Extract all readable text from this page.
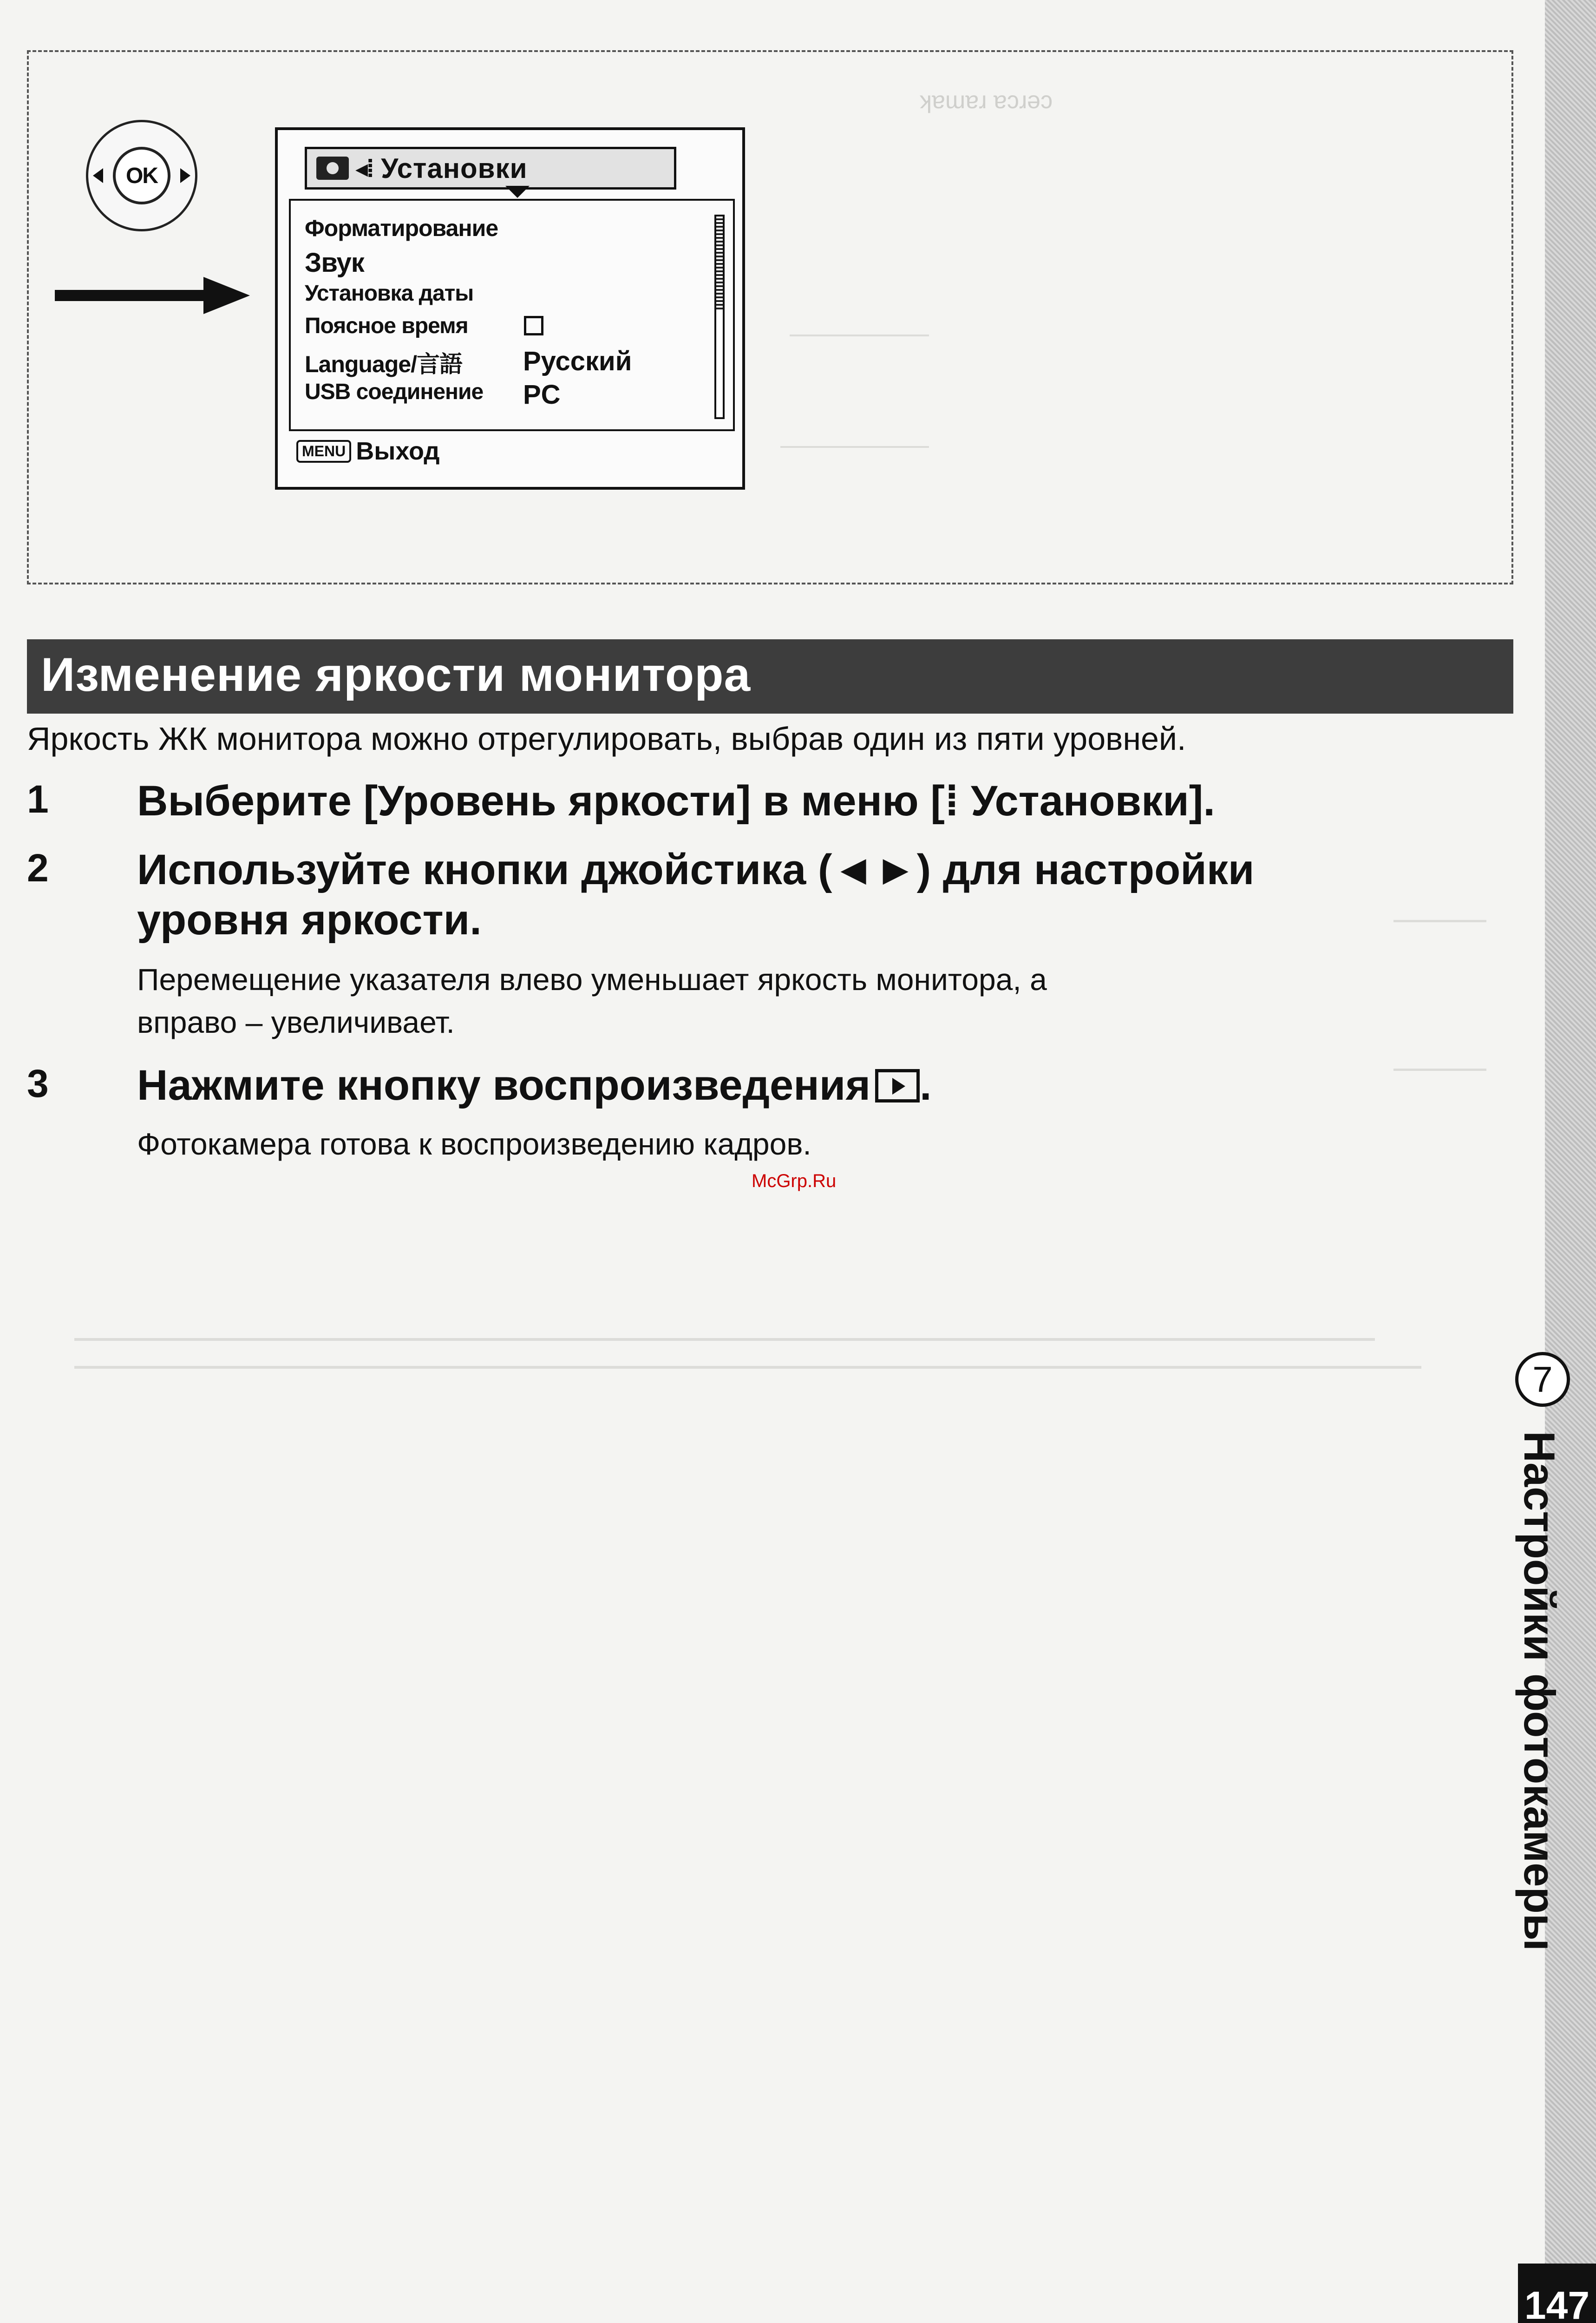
ʞɐɯɐɹ ɐɔɹǝɔ
OK	◂⁞ Установки
Форматирование
Звук
Установка даты
Поясное время
Language/言語 Русский
USB соединение PC
MENU Выход
Изменение яркости монитора
Яркость ЖК монитора можно отрегулировать, выбрав один из пяти уровней.
1 Выберите [Уровень яркости] в меню [⁞ Установки].
2 Используйте кнопки джойстика (◄►) для настройки
уровня яркости.
Перемещение указателя влево уменьшает яркость монитора, а
вправо – увеличивает.
3 Нажмите кнопку воспроизведения .
Фотокамера готова к воспроизведению кадров.
McGrp.Ru
7
Настройки фотокамеры
147
